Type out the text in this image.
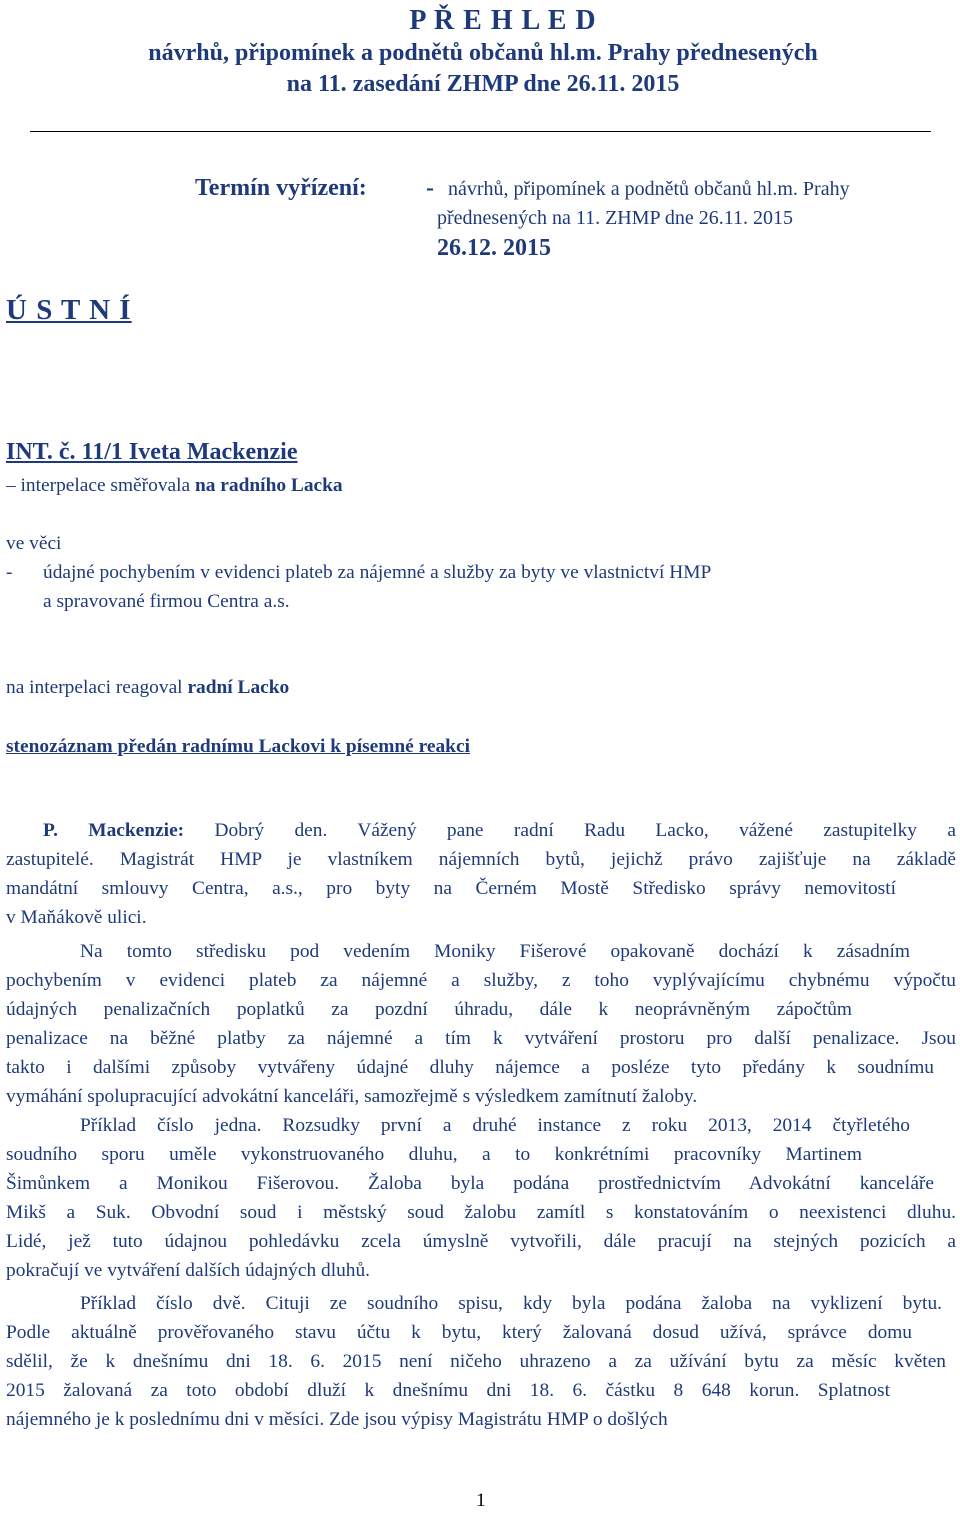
P Ř E H L E D
návrhů, připomínek a podnětů občanů hl.m. Prahy přednesených
na 11. zasedání ZHMP dne 26.11. 2015
Termín vyřízení: - návrhů, připomínek a podnětů občanů hl.m. Prahy
přednesených na 11. ZHMP dne 26.11. 2015
26.12. 2015
Ú S T N Í
INT. č. 11/1 Iveta Mackenzie
– interpelace směřovala na radního Lacka
ve věci
- údajné pochybením v evidenci plateb za nájemné a služby za byty ve vlastnictví HMP
a spravované firmou Centra a.s.
na interpelaci reagoval radní Lacko
stenozáznam předán radnímu Lackovi k písemné reakci
P. Mackenzie: Dobrý den. Vážený pane radní Radu Lacko, vážené zastupitelky a
zastupitelé. Magistrát HMP je vlastníkem nájemních bytů, jejichž právo zajišťuje na základě
mandátní smlouvy Centra, a.s., pro byty na Černém Mostě Středisko správy nemovitostí
v Maňákově ulici.
Na tomto středisku pod vedením Moniky Fišerové opakovaně dochází k zásadním
pochybením v evidenci plateb za nájemné a služby, z toho vyplývajícímu chybnému výpočtu
údajných penalizačních poplatků za pozdní úhradu, dále k neoprávněným zápočtům
penalizace na běžné platby za nájemné a tím k vytváření prostoru pro další penalizace. Jsou
takto i dalšími způsoby vytvářeny údajné dluhy nájemce a posléze tyto předány k soudnímu
vymáhání spolupracující advokátní kanceláři, samozřejmě s výsledkem zamítnutí žaloby.
Příklad číslo jedna. Rozsudky první a druhé instance z roku 2013, 2014 čtyřletého
soudního sporu uměle vykonstruovaného dluhu, a to konkrétními pracovníky Martinem
Šimůnkem a Monikou Fišerovou. Žaloba byla podána prostřednictvím Advokátní kanceláře
Mikš a Suk. Obvodní soud i městský soud žalobu zamítl s konstatováním o neexistenci dluhu.
Lidé, jež tuto údajnou pohledávku zcela úmyslně vytvořili, dále pracují na stejných pozicích a
pokračují ve vytváření dalších údajných dluhů.
Příklad číslo dvě. Cituji ze soudního spisu, kdy byla podána žaloba na vyklizení bytu.
Podle aktuálně prověřovaného stavu účtu k bytu, který žalovaná dosud užívá, správce domu
sdělil, že k dnešnímu dni 18. 6. 2015 není ničeho uhrazeno a za užívání bytu za měsíc květen
2015 žalovaná za toto období dluží k dnešnímu dni 18. 6. částku 8 648 korun. Splatnost
nájemného je k poslednímu dni v měsíci. Zde jsou výpisy Magistrátu HMP o došlých
1
